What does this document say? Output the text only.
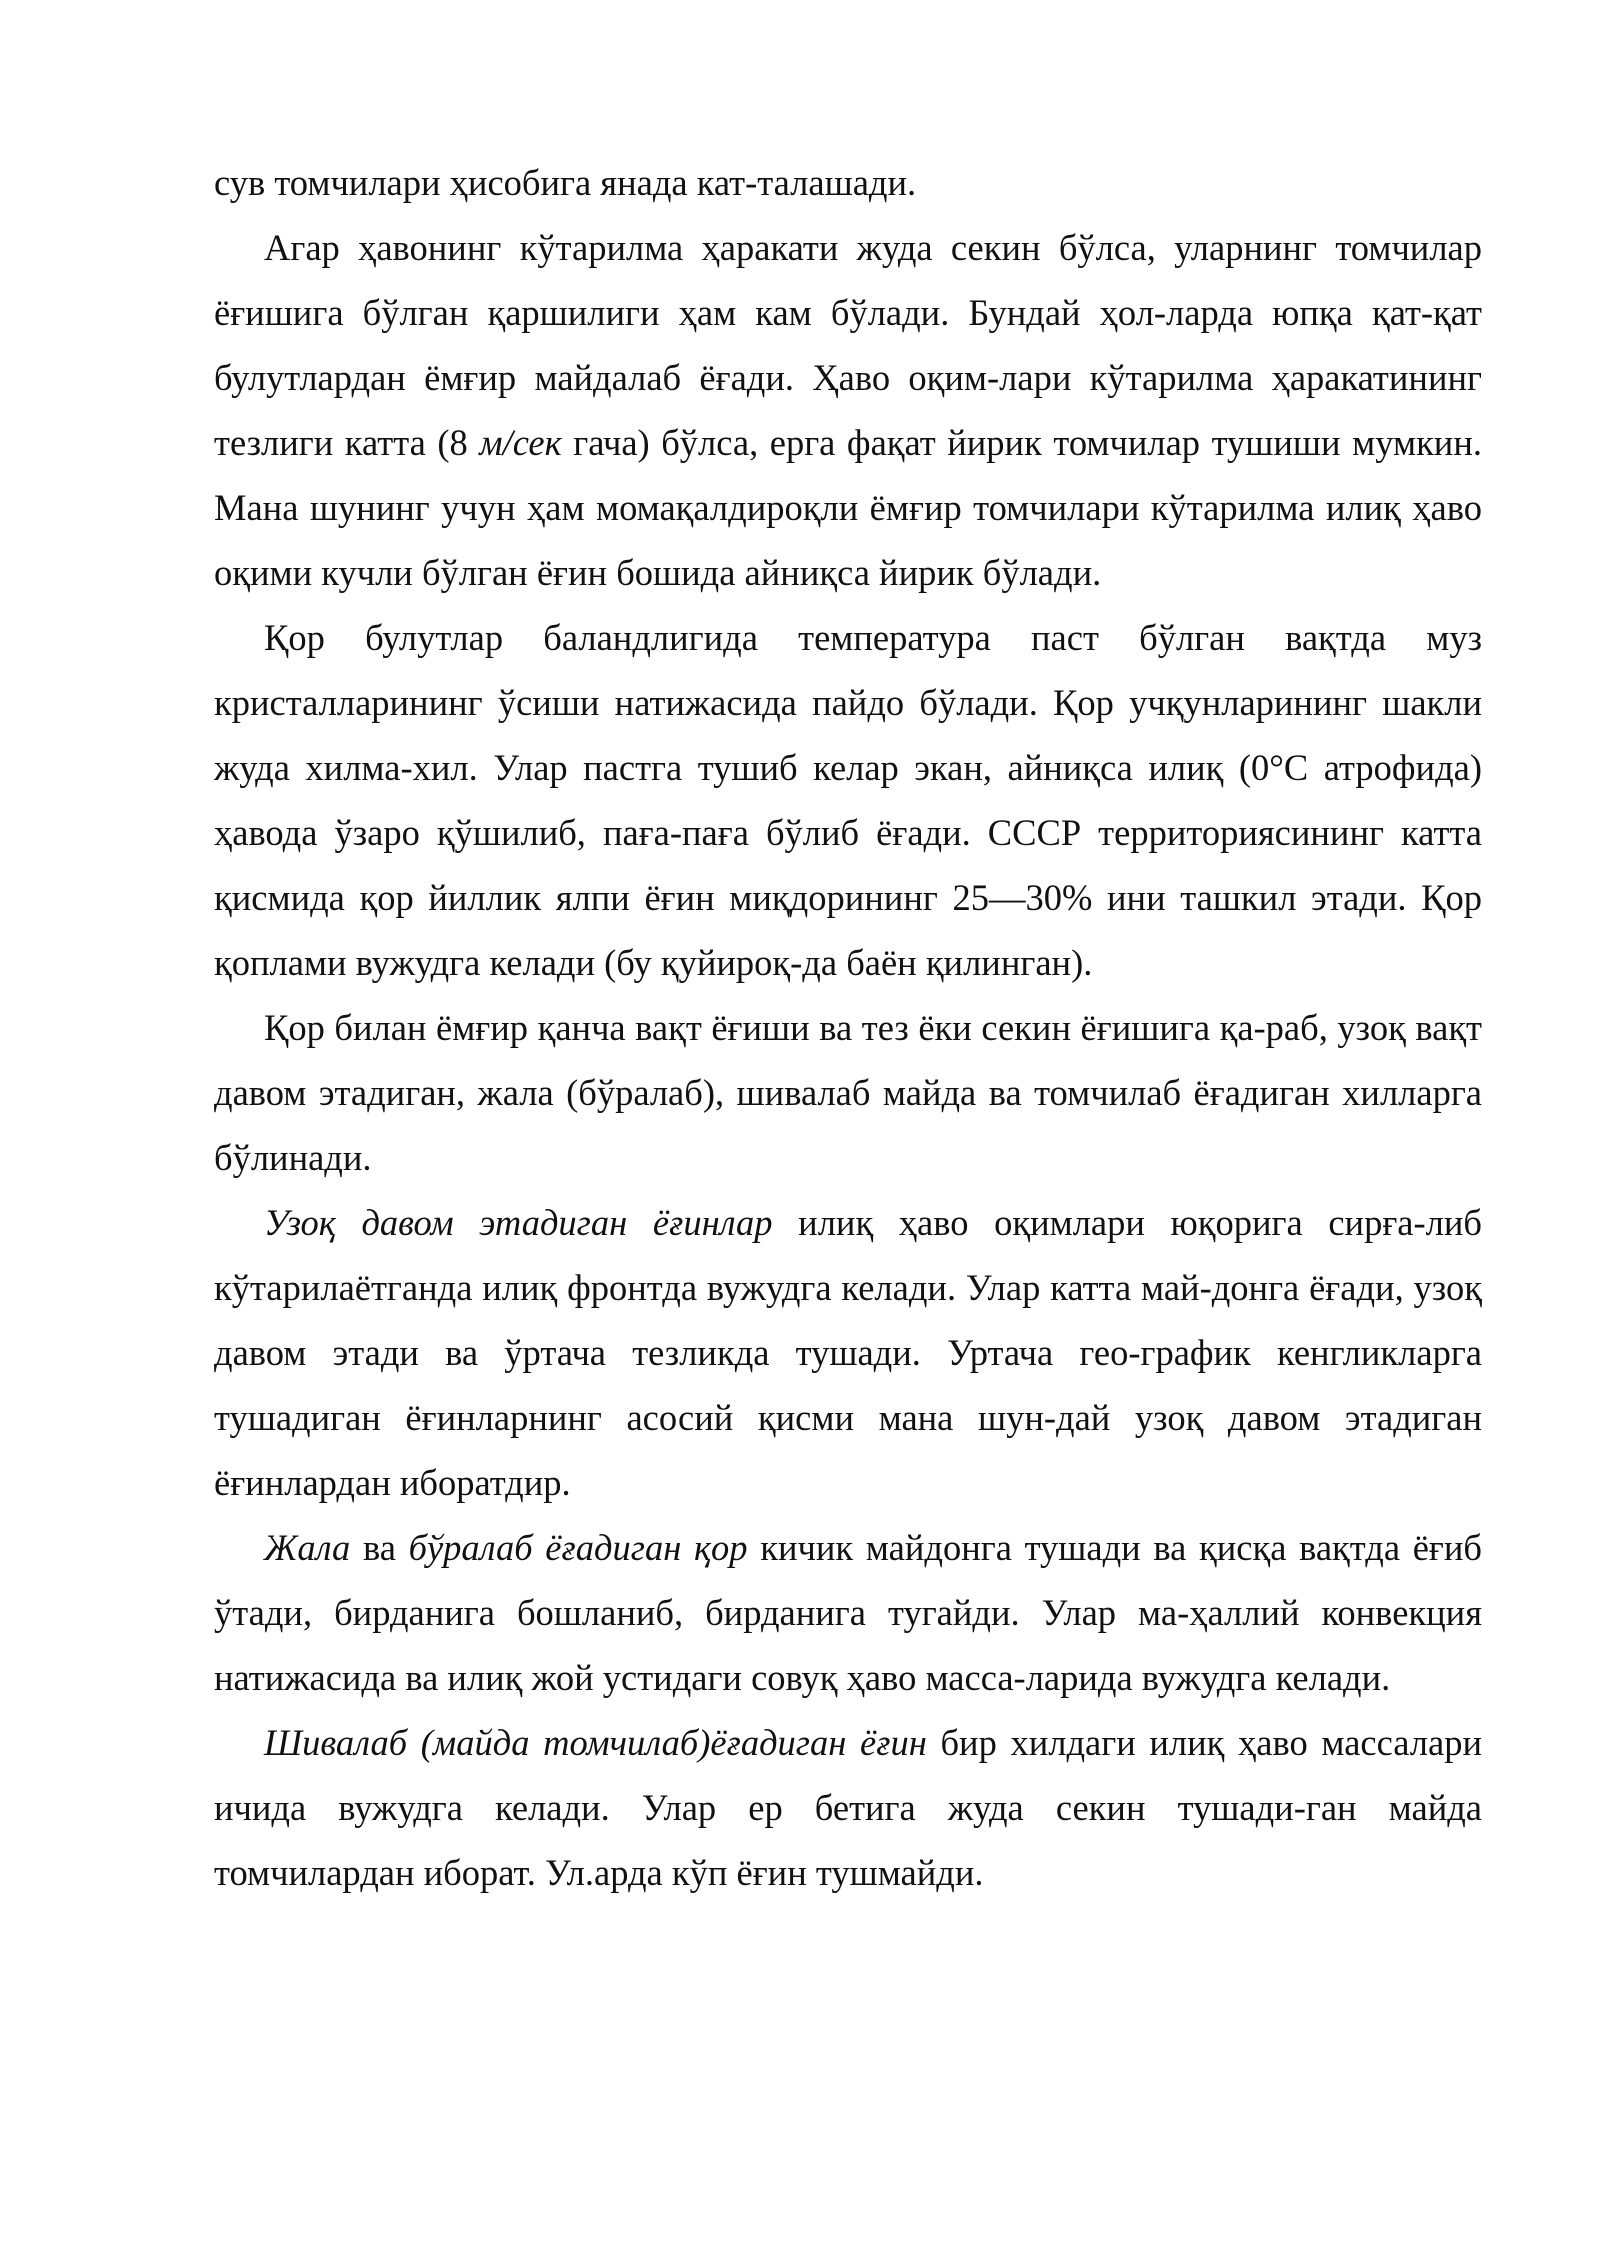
сув томчилари ҳисобига янада кат-талашади.

Агар ҳавонинг кўтарилма ҳаракати жуда секин бўлса, уларнинг томчилар ёғишига бўлган қаршилиги ҳам кам бўлади. Бундай ҳол-ларда юпқа қат-қат булутлардан ёмғир майдалаб ёғади. Ҳаво оқим-лари кўтарилма ҳаракатининг тезлиги катта (8 м/сек гача) бўлса, ерга фақат йирик томчилар тушиши мумкин. Мана шунинг учун ҳам момақалдироқли ёмғир томчилари кўтарилма илиқ ҳаво оқими кучли бўлган ёғин бошида айниқса йирик бўлади.

Қор булутлар баландлигида температура паст бўлган вақтда муз кристалларининг ўсиши натижасида пайдо бўлади. Қор учқунларининг шакли жуда хилма-хил. Улар пастга тушиб келар экан, айниқса илиқ (0°С атрофида) ҳавода ўзаро қўшилиб, паға-паға бўлиб ёғади. СССР территориясининг катта қисмида қор йиллик ялпи ёғин миқдорининг 25—30% ини ташкил этади. Қор қоплами вужудга келади (бу қуйироқ-да баён қилинган).

Қор билан ёмғир қанча вақт ёғиши ва тез ёки секин ёғишига қа-раб, узоқ вақт давом этадиган, жала (бўралаб), шивалаб майда ва томчилаб ёғадиган хилларга бўлинади.

Узоқ давом этадиган ёғинлар илиқ ҳаво оқимлари юқорига сирға-либ кўтарилаётганда илиқ фронтда вужудга келади. Улар катта май-донга ёғади, узоқ давом этади ва ўртача тезликда тушади. Уртача гео-график кенгликларга тушадиган ёғинларнинг асосий қисми мана шун-дай узоқ давом этадиган ёғинлардан иборатдир.

Жала ва бўралаб ёғадиган қор кичик майдонга тушади ва қисқа вақтда ёғиб ўтади, бирданига бошланиб, бирданига тугайди. Улар ма-ҳаллий конвекция натижасида ва илиқ жой устидаги совуқ ҳаво масса-ларида вужудга келади.

Шивалаб (майда томчилаб)ёғадиган ёғин бир хилдаги илиқ ҳаво массалари ичида вужудга келади. Улар ер бетига жуда секин тушади-ган майда томчилардан иборат. Ул.арда кўп ёғин тушмайди.
